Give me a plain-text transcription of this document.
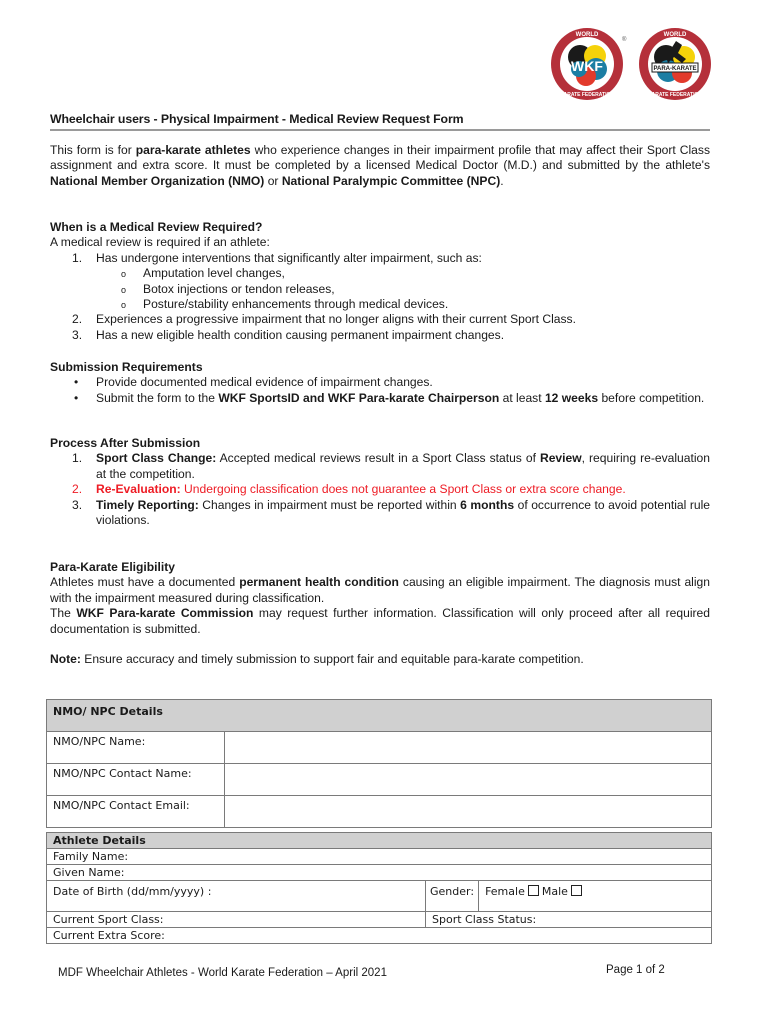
WKF
WORLD
KARATE FEDERATION
®
PARA-KARATE
WORLD
KARATE FEDERATION
Wheelchair users - Physical Impairment - Medical Review Request Form
This form is for para-karate athletes who experience changes in their impairment profile that may affect their Sport Class assignment and extra score. It must be completed by a licensed Medical Doctor (M.D.) and submitted by the athlete's National Member Organization (NMO) or National Paralympic Committee (NPC).
When is a Medical Review Required?
A medical review is required if an athlete:
1. Has undergone interventions that significantly alter impairment, such as:
o Amputation level changes,
o Botox injections or tendon releases,
o Posture/stability enhancements through medical devices.
2. Experiences a progressive impairment that no longer aligns with their current Sport Class.
3. Has a new eligible health condition causing permanent impairment changes.
Submission Requirements
• Provide documented medical evidence of impairment changes.
• Submit the form to the WKF SportsID and WKF Para-karate Chairperson at least 12 weeks before competition.
Process After Submission
1. Sport Class Change: Accepted medical reviews result in a Sport Class status of Review, requiring re-evaluation at the competition.
2. Re-Evaluation: Undergoing classification does not guarantee a Sport Class or extra score change.
3. Timely Reporting: Changes in impairment must be reported within 6 months of occurrence to avoid potential rule violations.
Para-Karate Eligibility
Athletes must have a documented permanent health condition causing an eligible impairment. The diagnosis must align with the impairment measured during classification.
The WKF Para-karate Commission may request further information. Classification will only proceed after all required documentation is submitted.
Note: Ensure accuracy and timely submission to support fair and equitable para-karate competition.
NMO/ NPC Details	
NMO/NPC Name:	
NMO/NPC Contact Name:	
NMO/NPC Contact Email:	
Athlete Details		
Family Name:		
Given Name:		
Date of Birth (dd/mm/yyyy) :	Gender:	Female Male
Current Sport Class:	Sport Class Status:	
Current Extra Score:		
MDF Wheelchair Athletes - World Karate Federation – April 2021	Page 1 of 2
